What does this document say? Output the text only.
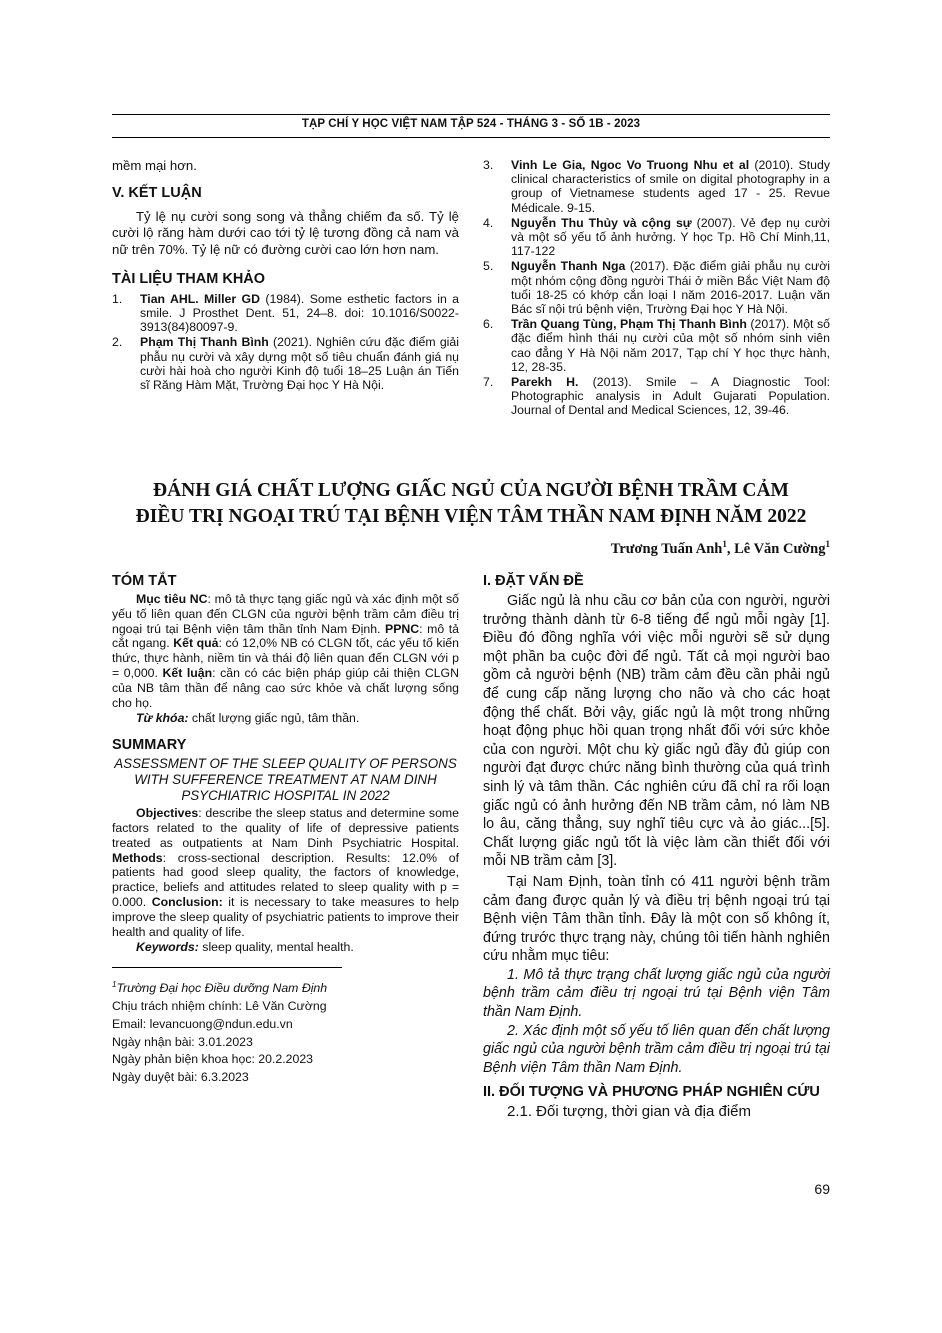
TẠP CHÍ Y HỌC VIỆT NAM TẬP 524 - THÁNG 3 - SỐ 1B - 2023

mềm mại hơn.

V. KẾT LUẬN

Tỷ lệ nụ cười song song và thẳng chiếm đa số. Tỷ lệ cười lộ răng hàm dưới cao tới tỷ lệ tương đồng cả nam và nữ trên 70%. Tỷ lệ nữ có đường cười cao lớn hơn nam.

TÀI LIỆU THAM KHẢO
1. Tian AHL. Miller GD (1984). Some esthetic factors in a smile. J Prosthet Dent. 51, 24–8. doi: 10.1016/S0022-3913(84)80097-9.
2. Phạm Thị Thanh Bình (2021). Nghiên cứu đặc điểm giải phẫu nụ cười và xây dựng một số tiêu chuẩn đánh giá nụ cười hài hoà cho người Kinh độ tuổi 18–25 Luận án Tiến sĩ Răng Hàm Mặt, Trường Đại học Y Hà Nội.
3. Vinh Le Gia, Ngoc Vo Truong Nhu et al (2010). Study clinical characteristics of smile on digital photography in a group of Vietnamese students aged 17 - 25. Revue Médicale. 9-15.
4. Nguyễn Thu Thủy và cộng sự (2007). Vẻ đẹp nụ cười và một số yếu tố ảnh hưởng. Y học Tp. Hồ Chí Minh,11, 117-122
5. Nguyễn Thanh Nga (2017). Đặc điểm giải phẫu nụ cười một nhóm cộng đồng người Thái ở miền Bắc Việt Nam độ tuổi 18-25 có khớp cắn loại I năm 2016-2017. Luận văn Bác sĩ nội trú bệnh viện, Trường Đại học Y Hà Nội.
6. Trần Quang Tùng, Phạm Thị Thanh Bình (2017). Một số đặc điểm hình thái nụ cười của một số nhóm sinh viên cao đẳng Y Hà Nội năm 2017, Tạp chí Y học thực hành, 12, 28-35.
7. Parekh H. (2013). Smile – A Diagnostic Tool: Photographic analysis in Adult Gujarati Population. Journal of Dental and Medical Sciences, 12, 39-46.
ĐÁNH GIÁ CHẤT LƯỢNG GIẤC NGỦ CỦA NGƯỜI BỆNH TRẦM CẢM
ĐIỀU TRỊ NGOẠI TRÚ TẠI BỆNH VIỆN TÂM THẦN NAM ĐỊNH NĂM 2022
Trương Tuấn Anh$^1$, Lê Văn Cường$^1$
TÓM TẮT

Mục tiêu NC: mô tả thực tạng giấc ngủ và xác định một số yếu tố liên quan đến CLGN của người bệnh trầm cảm điều trị ngoại trú tại Bệnh viện tâm thần tỉnh Nam Định. PPNC: mô tả cắt ngang. Kết quả: có 12,0% NB có CLGN tốt, các yếu tố kiến thức, thực hành, niềm tin và thái độ liên quan đến CLGN với p = 0,000. Kết luận: cần có các biện pháp giúp cải thiện CLGN của NB tâm thần để nâng cao sức khỏe và chất lượng sống cho họ.

Từ khóa: chất lượng giấc ngủ, tâm thần.

SUMMARY

ASSESSMENT OF THE SLEEP QUALITY OF PERSONS WITH SUFFERENCE TREATMENT AT NAM DINH PSYCHIATRIC HOSPITAL IN 2022

Objectives: describe the sleep status and determine some factors related to the quality of life of depressive patients treated as outpatients at Nam Dinh Psychiatric Hospital. Methods: cross-sectional description. Results: 12.0% of patients had good sleep quality, the factors of knowledge, practice, beliefs and attitudes related to sleep quality with p = 0.000. Conclusion: it is necessary to take measures to help improve the sleep quality of psychiatric patients to improve their health and quality of life.

Keywords: sleep quality, mental health.

$^1$Trường Đại học Điều dưỡng Nam Định

Chịu trách nhiệm chính: Lê Văn Cường

Email: levancuong@ndun.edu.vn

Ngày nhận bài: 3.01.2023

Ngày phản biện khoa học: 20.2.2023

Ngày duyệt bài: 6.3.2023

I. ĐẶT VẤN ĐỀ

Giấc ngủ là nhu cầu cơ bản của con người, người trưởng thành dành từ 6-8 tiếng để ngủ mỗi ngày [1]. Điều đó đồng nghĩa với việc mỗi người sẽ sử dụng một phần ba cuộc đời để ngủ. Tất cả mọi người bao gồm cả người bệnh (NB) trầm cảm đều cần phải ngủ để cung cấp năng lượng cho não và cho các hoạt động thể chất. Bởi vậy, giấc ngủ là một trong những hoạt động phục hồi quan trọng nhất đối với sức khỏe của con người. Một chu kỳ giấc ngủ đầy đủ giúp con người đạt được chức năng bình thường của quá trình sinh lý và tâm thần. Các nghiên cứu đã chỉ ra rối loạn giấc ngủ có ảnh hưởng đến NB trầm cảm, nó làm NB lo âu, căng thẳng, suy nghĩ tiêu cực và ảo giác...[5]. Chất lượng giấc ngủ tốt là việc làm cần thiết đối với mỗi NB trầm cảm [3].

Tại Nam Định, toàn tỉnh có 411 người bệnh trầm cảm đang được quản lý và điều trị bệnh ngoại trú tại Bệnh viện Tâm thần tỉnh. Đây là một con số không ít, đứng trước thực trạng này, chúng tôi tiến hành nghiên cứu nhằm mục tiêu:

1. Mô tả thực trạng chất lượng giấc ngủ của người bệnh trầm cảm điều trị ngoại trú tại Bệnh viện Tâm thần Nam Định.

2. Xác định một số yếu tố liên quan đến chất lượng giấc ngủ của người bệnh trầm cảm điều trị ngoại trú tại Bệnh viện Tâm thần Nam Định.

II. ĐỐI TƯỢNG VÀ PHƯƠNG PHÁP NGHIÊN CỨU

2.1. Đối tượng, thời gian và địa điểm

69
